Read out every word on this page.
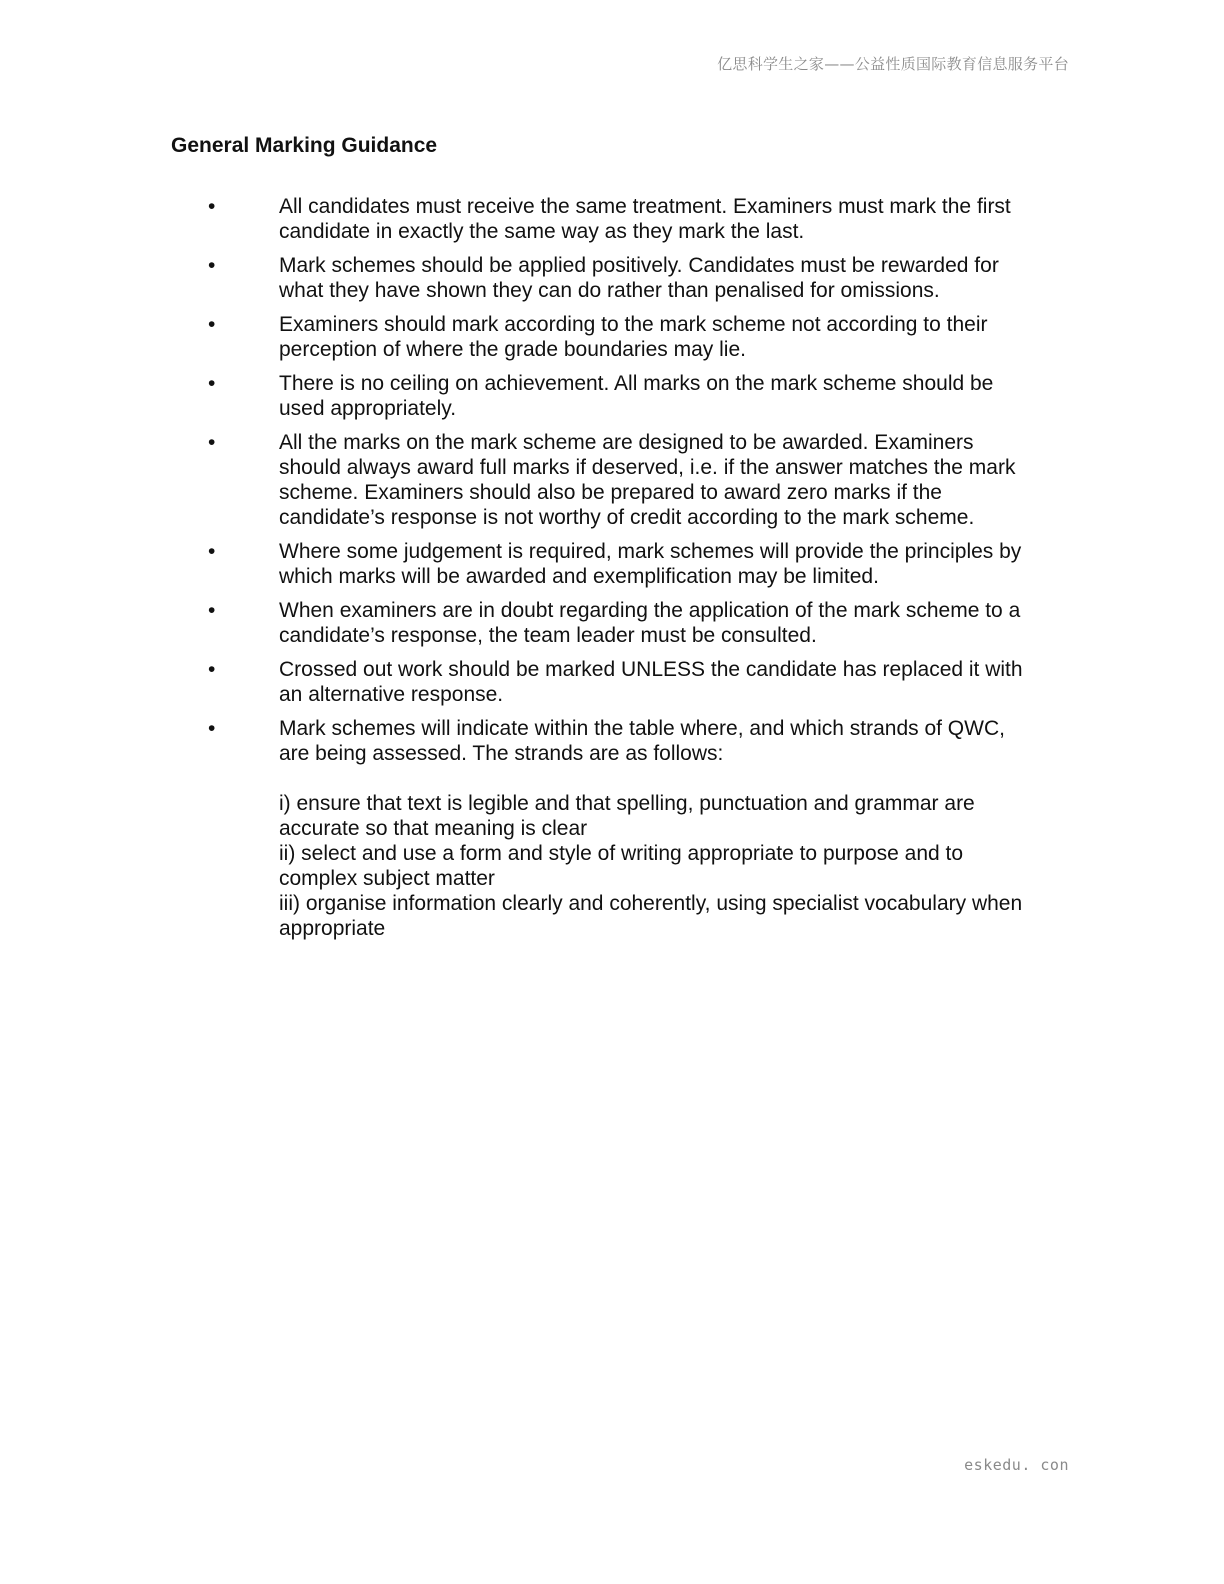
亿思科学生之家——公益性质国际教育信息服务平台
General Marking Guidance
•	All candidates must receive the same treatment. Examiners must mark the first candidate in exactly the same way as they mark the last.
•	Mark schemes should be applied positively. Candidates must be rewarded for what they have shown they can do rather than penalised for omissions.
•	Examiners should mark according to the mark scheme not according to their perception of where the grade boundaries may lie.
•	There is no ceiling on achievement. All marks on the mark scheme should be used appropriately.
•	All the marks on the mark scheme are designed to be awarded. Examiners should always award full marks if deserved, i.e. if the answer matches the mark scheme. Examiners should also be prepared to award zero marks if the candidate’s response is not worthy of credit according to the mark scheme.
•	Where some judgement is required, mark schemes will provide the principles by which marks will be awarded and exemplification may be limited.
•	When examiners are in doubt regarding the application of the mark scheme to a candidate’s response, the team leader must be consulted.
•	Crossed out work should be marked UNLESS the candidate has replaced it with an alternative response.
•	Mark schemes will indicate within the table where, and which strands of QWC, are being assessed. The strands are as follows:
i) ensure that text is legible and that spelling, punctuation and grammar are accurate so that meaning is clear
ii) select and use a form and style of writing appropriate to purpose and to complex subject matter
iii) organise information clearly and coherently, using specialist vocabulary when appropriate
eskedu. con
